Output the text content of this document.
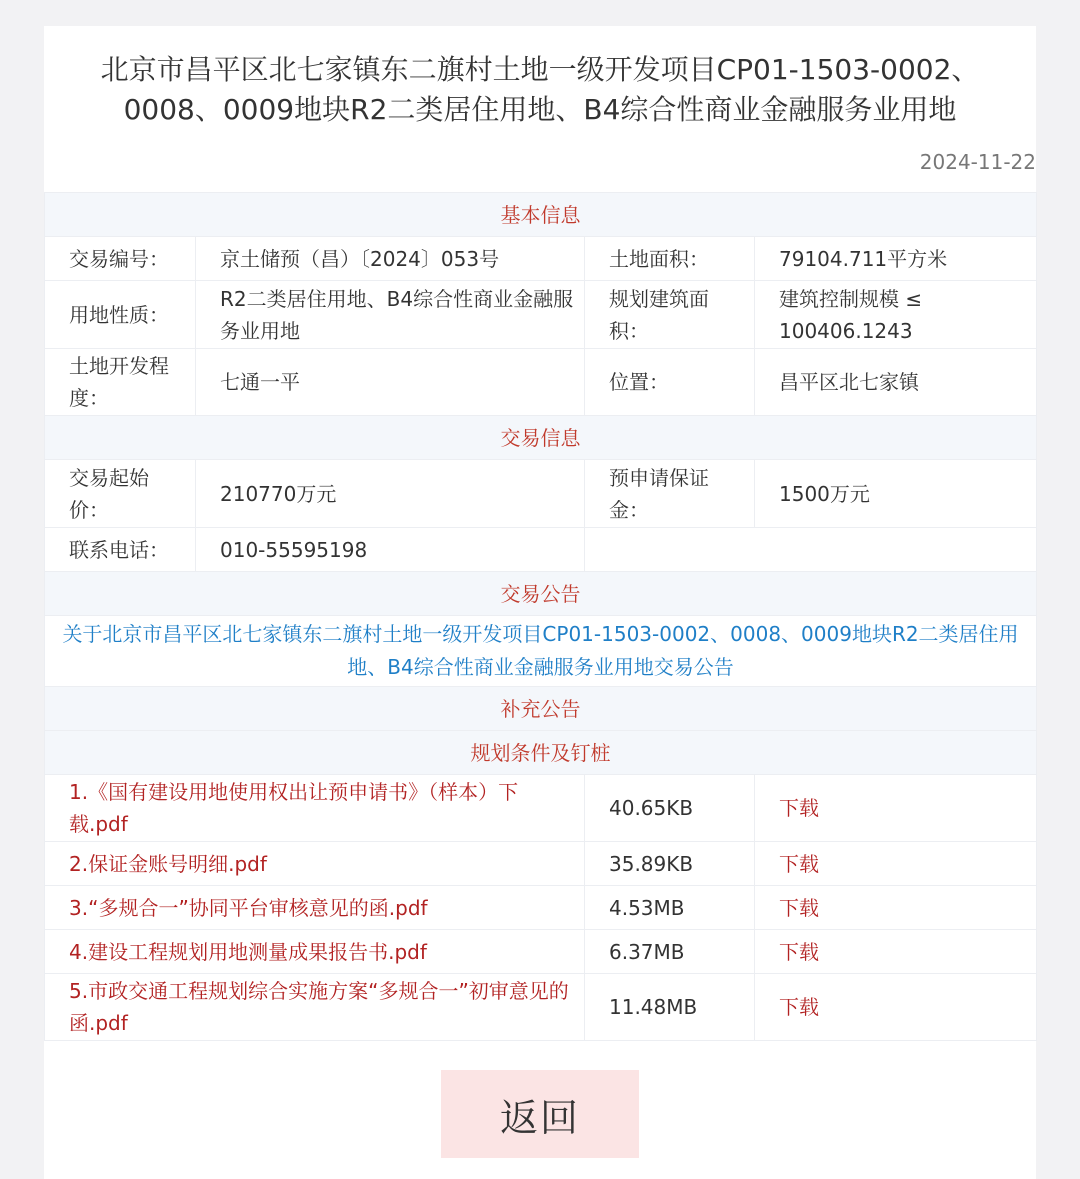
北京市昌平区北七家镇东二旗村土地一级开发项目CP01-1503-0002、0008、0009地块R2二类居住用地、B4综合性商业金融服务业用地
2024-11-22
基本信息			
交易编号：	京土储预（昌）〔2024〕053号	土地面积：	79104.711平方米
用地性质：	R2二类居住用地、B4综合性商业金融服务业用地	规划建筑面积：	建筑控制规模 ≤ 100406.1243
土地开发程度：	七通一平	位置：	昌平区北七家镇
交易信息			
交易起始价：	210770万元	预申请保证金：	1500万元
联系电话：	010-55595198		
交易公告			
关于北京市昌平区北七家镇东二旗村土地一级开发项目CP01-1503-0002、0008、0009地块R2二类居住用地、B4综合性商业金融服务业用地交易公告			
补充公告			
规划条件及钉桩			
1.《国有建设用地使用权出让预申请书》（样本）下载.pdf		40.65KB	下载
2.保证金账号明细.pdf		35.89KB	下载
3.“多规合一”协同平台审核意见的函.pdf		4.53MB	下载
4.建设工程规划用地测量成果报告书.pdf		6.37MB	下载
5.市政交通工程规划综合实施方案“多规合一”初审意见的函.pdf		11.48MB	下载
返回
